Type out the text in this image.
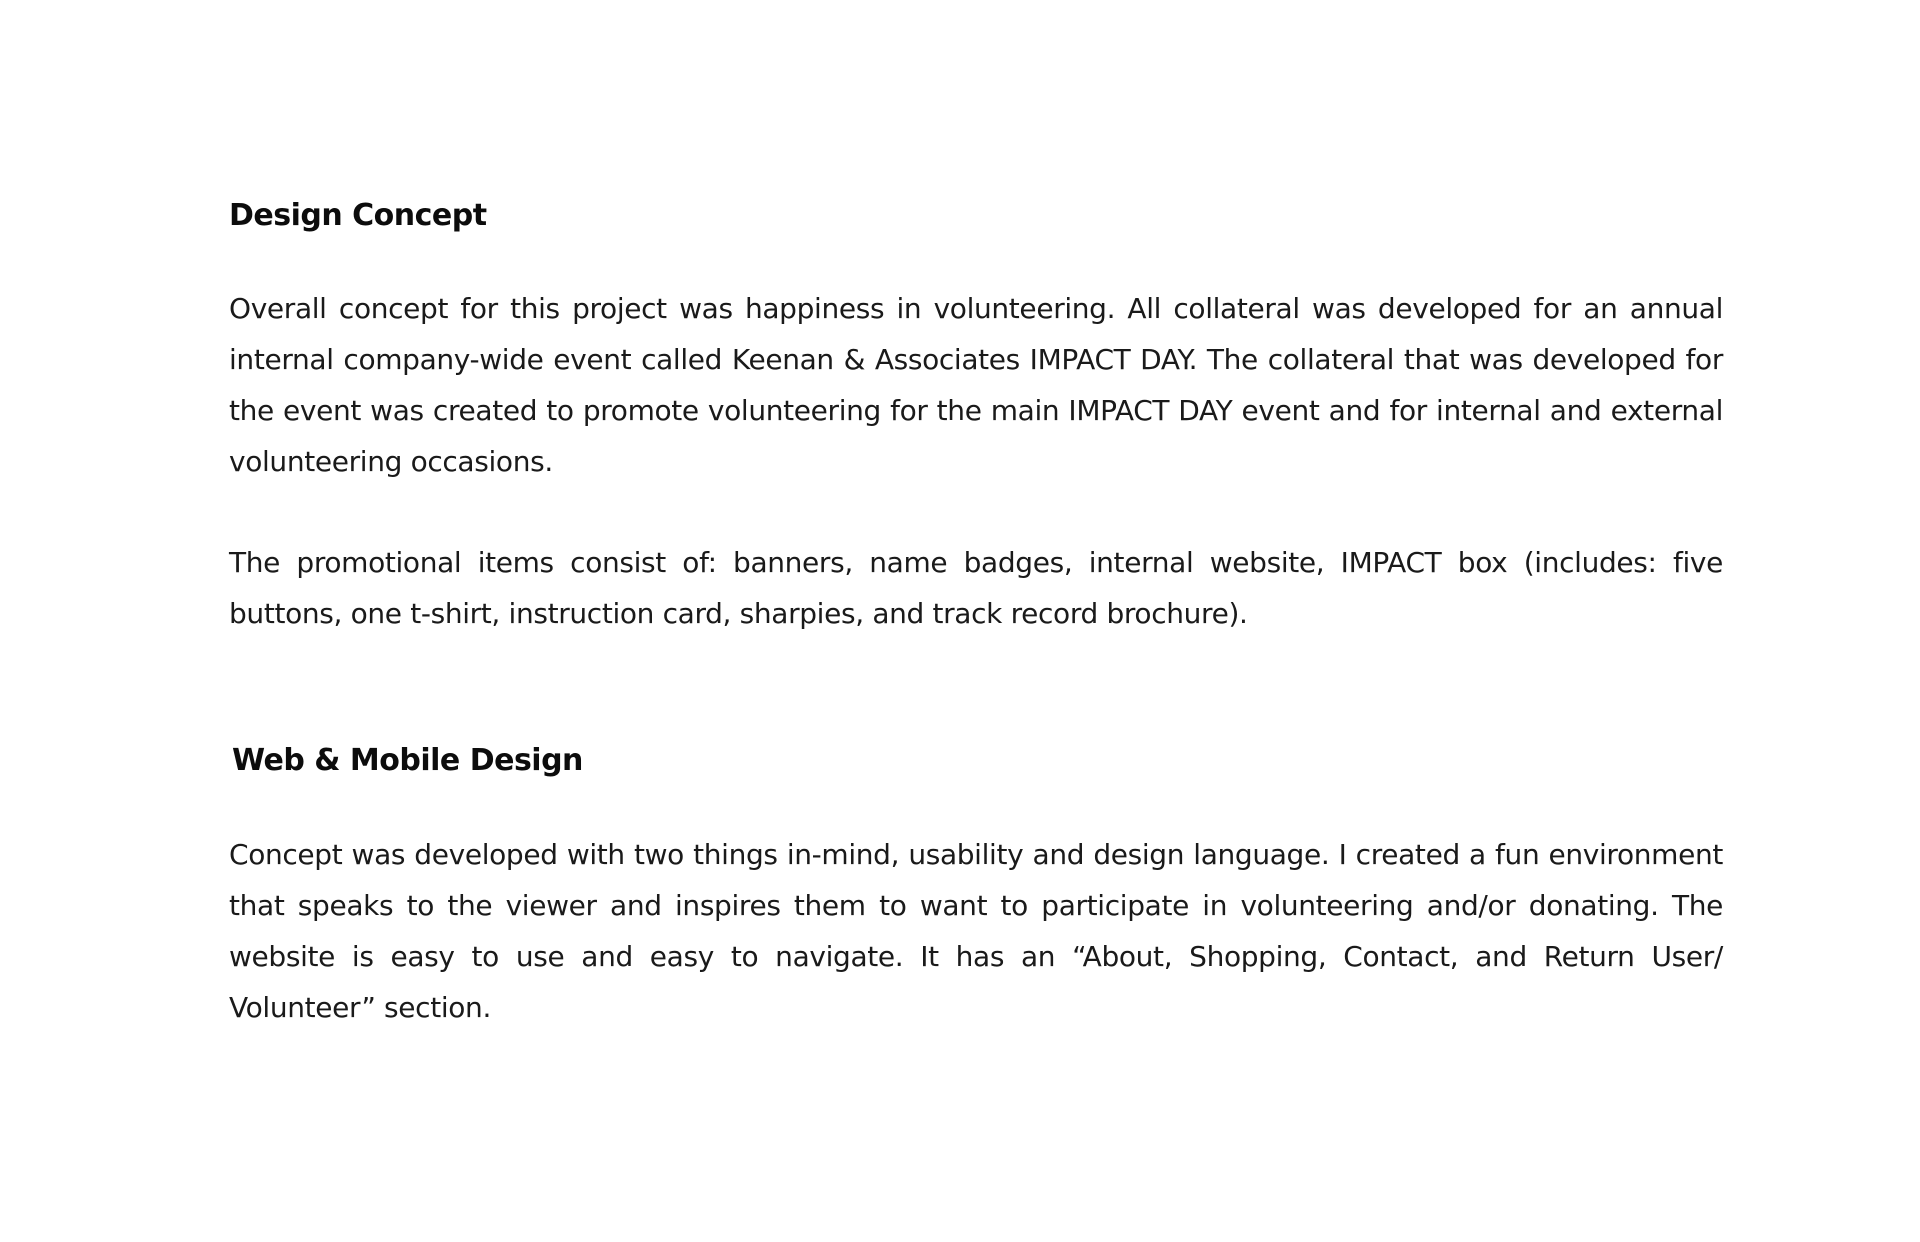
Design Concept

Overall concept for this project was happiness in volunteering. All collateral was developed for an annual internal company-wide event called Keenan & Associates IMPACT DAY. The collateral that was developed for the event was created to promote volunteering for the main IMPACT DAY event and for internal and external volunteering occasions.

The promotional items consist of: banners, name badges, internal website, IMPACT box (includes: five buttons, one t-shirt, instruction card, sharpies, and track record brochure).

Web & Mobile Design

Concept was developed with two things in-mind, usability and design language. I created a fun environment that speaks to the viewer and inspires them to want to participate in volunteering and/or donating. The website is easy to use and easy to navigate. It has an “About, Shopping, Contact, and Return User/ Volunteer” section.
